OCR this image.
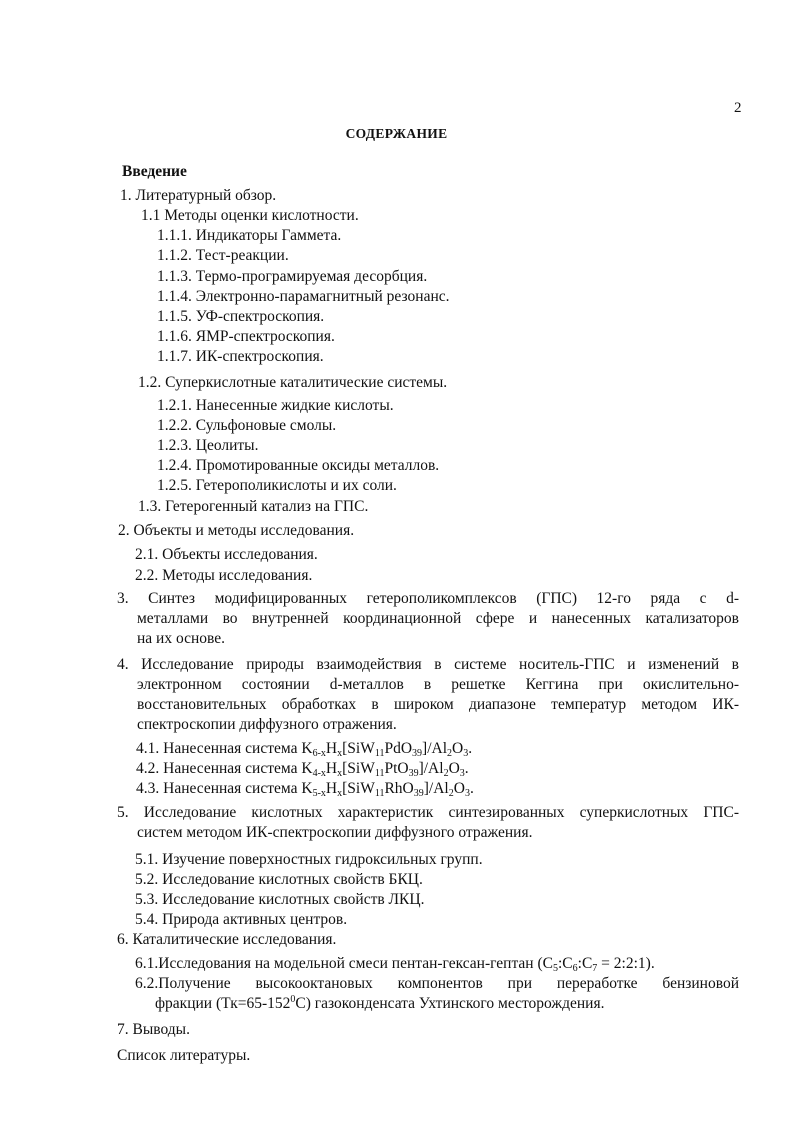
2
СОДЕРЖАНИЕ
Введение
1. Литературный обзор.
1.1 Методы оценки кислотности.
1.1.1. Индикаторы Гаммета.
1.1.2. Тест-реакции.
1.1.3. Термо-програмируемая десорбция.
1.1.4. Электронно-парамагнитный резонанс.
1.1.5. УФ-спектроскопия.
1.1.6. ЯМР-спектроскопия.
1.1.7. ИК-спектроскопия.
1.2. Суперкислотные каталитические системы.
1.2.1. Нанесенные жидкие кислоты.
1.2.2. Сульфоновые смолы.
1.2.3. Цеолиты.
1.2.4. Промотированные оксиды металлов.
1.2.5. Гетерополикислоты и их соли.
1.3. Гетерогенный катализ на ГПС.
2. Объекты и методы исследования.
2.1. Объекты исследования.
2.2. Методы исследования.
3. Синтез модифицированных гетерополикомплексов (ГПС) 12-го ряда с d-
металлами во внутренней координационной сфере и нанесенных катализаторов
на их основе.
4. Исследование природы взаимодействия в системе носитель-ГПС и изменений в
электронном состоянии d-металлов в решетке Кеггина при окислительно-
восстановительных обработках в широком диапазоне температур методом ИК-
спектроскопии диффузного отражения.
4.1. Нанесенная система $K_{6-x}H_x[SiW_{11}PdO_{39}]/Al_2O_3$.
4.2. Нанесенная система $K_{4-x}H_x[SiW_{11}PtO_{39}]/Al_2O_3$.
4.3. Нанесенная система $K_{5-x}H_x[SiW_{11}RhO_{39}]/Al_2O_3$.
5. Исследование кислотных характеристик синтезированных суперкислотных ГПС-
систем методом ИК-спектроскопии диффузного отражения.
5.1. Изучение поверхностных гидроксильных групп.
5.2. Исследование кислотных свойств БКЦ.
5.3. Исследование кислотных свойств ЛКЦ.
5.4. Природа активных центров.
6. Каталитические исследования.
6.1.Исследования на модельной смеси пентан-гексан-гептан ($C_5:C_6:C_7$ = 2:2:1).
6.2.Получение высокооктановых компонентов при переработке бензиновой
фракции $(Тк=65-152^0С)$ газоконденсата Ухтинского месторождения.
7. Выводы.
Список литературы.
